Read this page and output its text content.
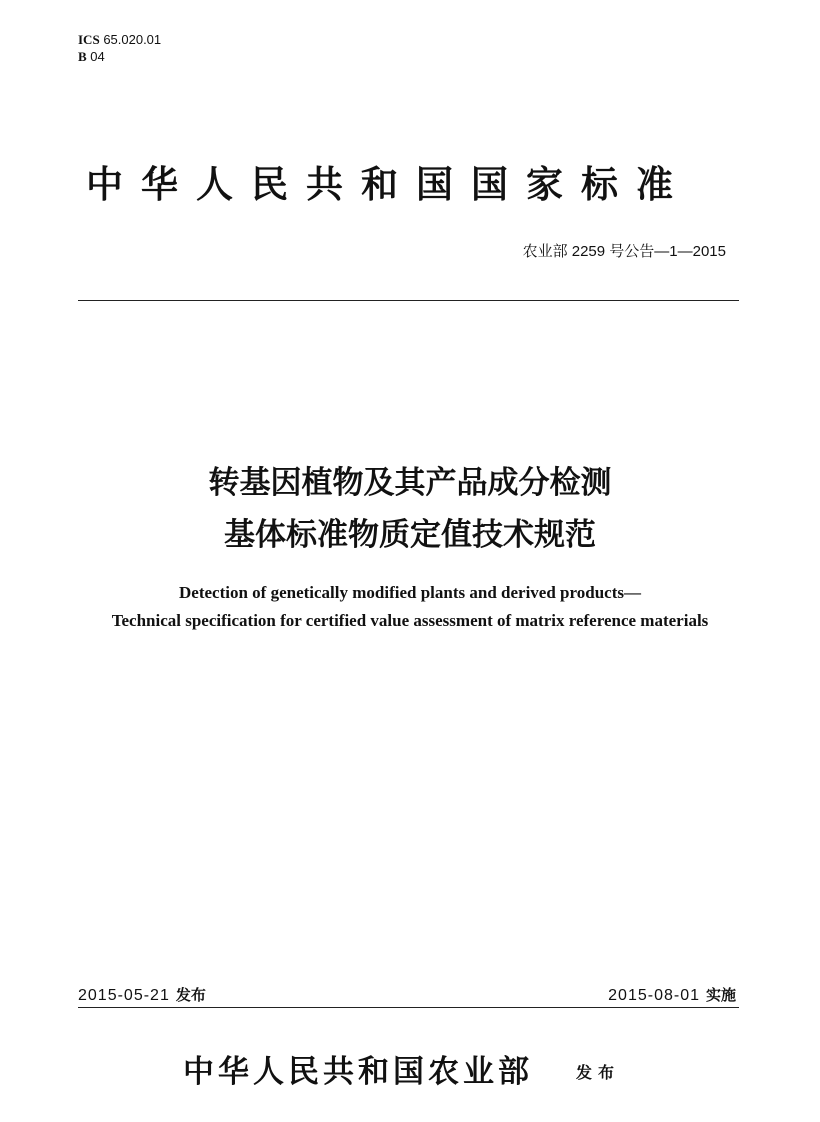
ICS 65.020.01
B 04
中华人民共和国国家标准
农业部 2259 号公告—1—2015
转基因植物及其产品成分检测
基体标准物质定值技术规范
Detection of genetically modified plants and derived products—
Technical specification for certified value assessment of matrix reference materials
2015-05-21 发布	2015-08-01 实施
中华人民共和国农业部	发布
